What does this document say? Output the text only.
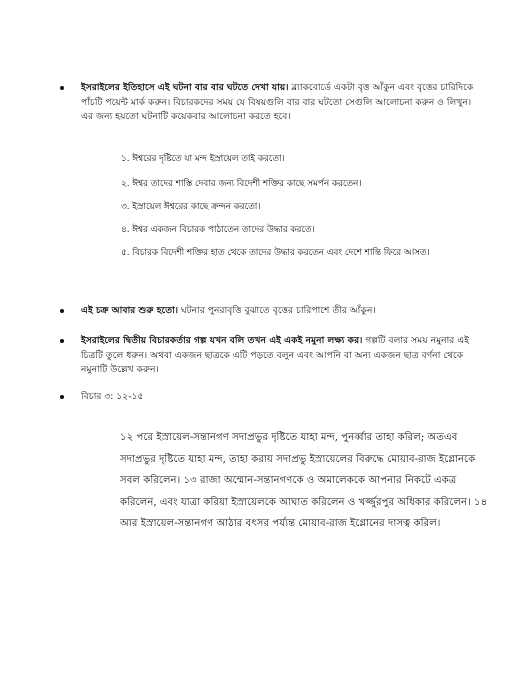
ইসরাইলের ইতিহাসে এই ঘটনা বার বার ঘটতে দেখা যায়। ব্ল্যাকবোর্ডে একটা বৃত্ত আঁকুন এবং বৃত্তের চারিদিকে পাঁচটি পয়েন্ট মার্ক করুন। বিচারকদের সময় যে বিষয়গুলি বার বার ঘটতো সেগুলি আলোচনা করুন ও লিখুন। এর জন্য হয়তো ঘটনাটি কয়েকবার আলোচনা করতে হবে।
১. ঈশ্বরের দৃষ্টিতে যা মন্দ ইস্রায়েল তাই করতো।
২. ঈশ্বর তাদের শাস্তি দেবার জন্য বিদেশী শক্তির কাছে সমর্পন করতেন।
৩. ইস্রায়েল ঈশ্বরের কাছে ক্রন্দন করতো।
৪. ঈশ্বর একজন বিচারক পাঠাতেন তাদের উদ্ধার করতে।
৫. বিচারক বিদেশী শক্তির হাত থেকে তাদের উদ্ধার করতেন এবং দেশে শান্তি ফিরে আসত।
এই চক্র আবার শুরু হতো। ঘটনার পুনরাবৃত্তি বুঝাতে বৃত্তের চারিপাশে তীর আঁকুন।
ইসরাইলের দ্বিতীয় বিচারকর্তার গল্প যখন বলি তখন এই একই নমুনা লক্ষ্য কর। গল্পটি বলার সময় নমুনার এই চিত্রটি তুলে ধরুন। অথবা একজন ছাত্রকে এটি পড়তে বলুন এবং আপনি বা অন্য একজন ছাত্র বর্ণনা থেকে নমুনাটি উল্লেখ করুন।
বিচার ৩: ১২-১৫
১২ পরে ইস্রায়েল-সন্তানগণ সদাপ্রভুর দৃষ্টিতে যাহা মন্দ, পুনর্ব্বার তাহা করিল; অতএব সদাপ্রভুর দৃষ্টিতে যাহা মন্দ, তাহা করায় সদাপ্রভু ইস্রায়েলের বিরুদ্ধে মোয়াব-রাজ ইগ্লোনকে সবল করিলেন। ১৩ রাজা অম্মোন-সন্তানগণকে ও অমালেককে আপনার নিকটে একত্র করিলেন, এবং যাত্রা করিয়া ইস্রায়েলকে আঘাত করিলেন ও খর্জ্জুরপুর অধিকার করিলেন। ১৪ আর ইস্রায়েল-সন্তানগণ আঠার বৎসর পর্য্যন্ত মোয়াব-রাজ ইগ্লোনের দাসত্ব করিল।
